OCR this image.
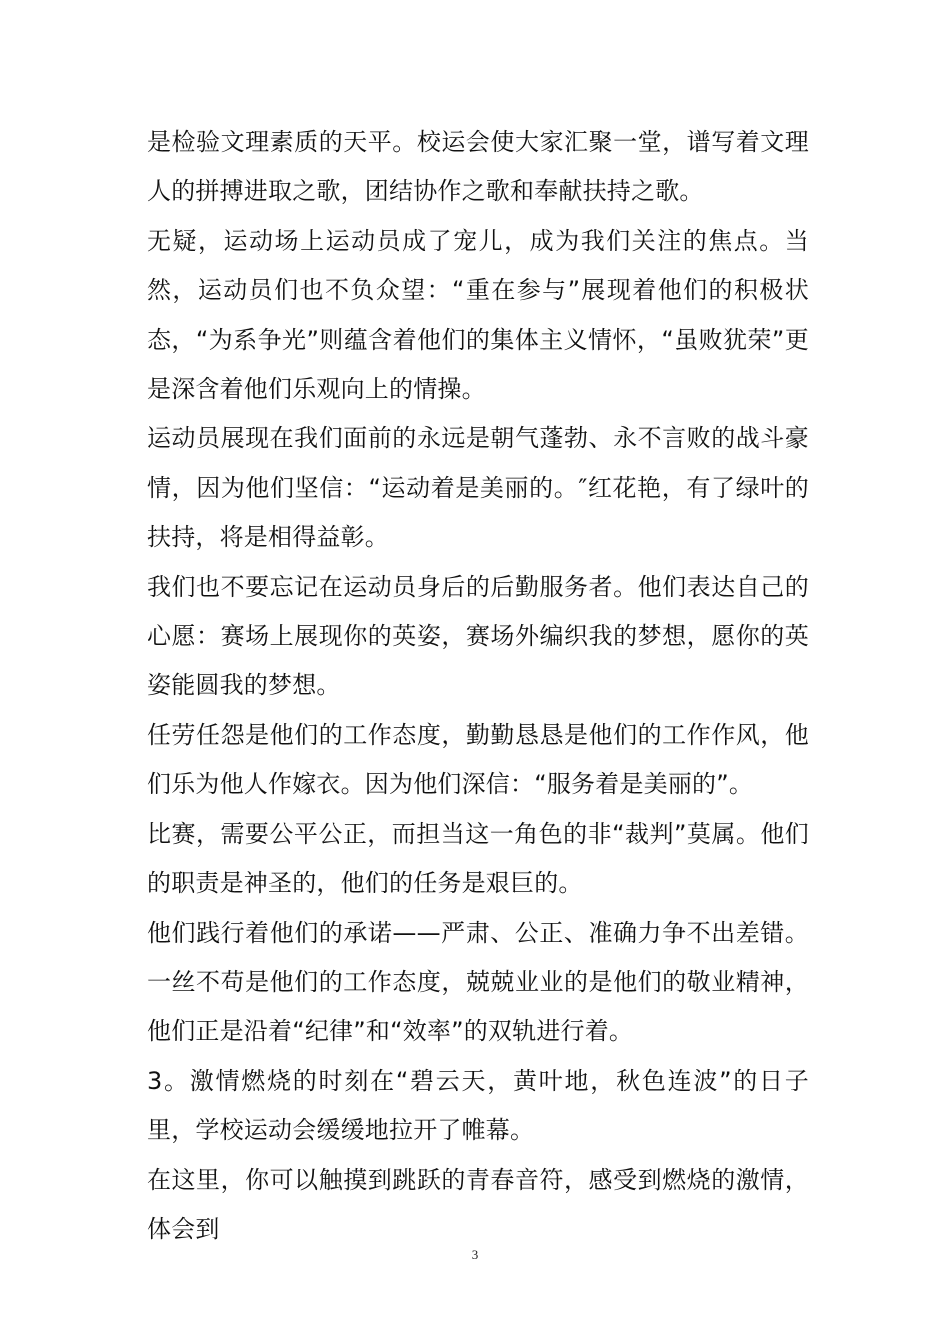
是检验文理素质的天平。校运会使大家汇聚一堂，谱写着文理人的拼搏进取之歌，团结协作之歌和奉献扶持之歌。

无疑，运动场上运动员成了宠儿，成为我们关注的焦点。当然，运动员们也不负众望：“重在参与”展现着他们的积极状态，“为系争光”则蕴含着他们的集体主义情怀，“虽败犹荣”更是深含着他们乐观向上的情操。

运动员展现在我们面前的永远是朝气蓬勃、永不言败的战斗豪情，因为他们坚信：“运动着是美丽的。″红花艳，有了绿叶的扶持，将是相得益彰。

我们也不要忘记在运动员身后的后勤服务者。他们表达自己的心愿：赛场上展现你的英姿，赛场外编织我的梦想，愿你的英姿能圆我的梦想。

任劳任怨是他们的工作态度，勤勤恳恳是他们的工作作风，他们乐为他人作嫁衣。因为他们深信：“服务着是美丽的”。

比赛，需要公平公正，而担当这一角色的非“裁判”莫属。他们的职责是神圣的，他们的任务是艰巨的。

他们践行着他们的承诺——严肃、公正、准确力争不出差错。一丝不苟是他们的工作态度，兢兢业业的是他们的敬业精神，他们正是沿着“纪律”和“效率”的双轨进行着。

3。激情燃烧的时刻在“碧云天，黄叶地，秋色连波”的日子里，学校运动会缓缓地拉开了帷幕。

在这里，你可以触摸到跳跃的青春音符，感受到燃烧的激情，体会到

3
